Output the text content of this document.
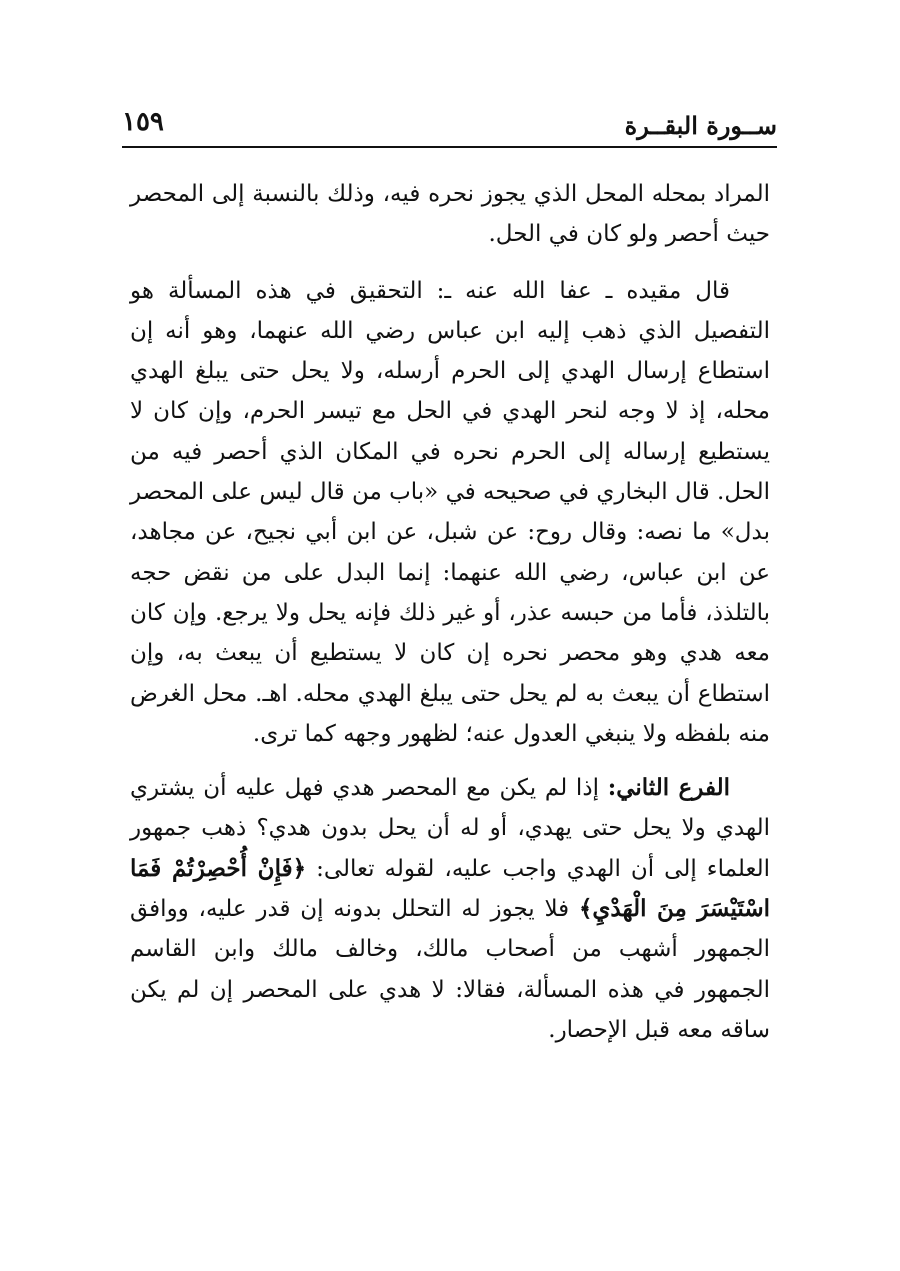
ســورة البقــرة
١٥٩

المراد بمحله المحل الذي يجوز نحره فيه، وذلك بالنسبة إلى المحصر حيث أحصر ولو كان في الحل.

قال مقيده ـ عفا الله عنه ـ: التحقيق في هذه المسألة هو التفصيل الذي ذهب إليه ابن عباس رضي الله عنهما، وهو أنه إن استطاع إرسال الهدي إلى الحرم أرسله، ولا يحل حتى يبلغ الهدي محله، إذ لا وجه لنحر الهدي في الحل مع تيسر الحرم، وإن كان لا يستطيع إرساله إلى الحرم نحره في المكان الذي أحصر فيه من الحل. قال البخاري في صحيحه في «باب من قال ليس على المحصر بدل» ما نصه: وقال روح: عن شبل، عن ابن أبي نجيح، عن مجاهد، عن ابن عباس، رضي الله عنهما: إنما البدل على من نقض حجه بالتلذذ، فأما من حبسه عذر، أو غير ذلك فإنه يحل ولا يرجع. وإن كان معه هدي وهو محصر نحره إن كان لا يستطيع أن يبعث به، وإن استطاع أن يبعث به لم يحل حتى يبلغ الهدي محله. اهـ. محل الغرض منه بلفظه ولا ينبغي العدول عنه؛ لظهور وجهه كما ترى.

الفرع الثاني: إذا لم يكن مع المحصر هدي فهل عليه أن يشتري الهدي ولا يحل حتى يهدي، أو له أن يحل بدون هدي؟ ذهب جمهور العلماء إلى أن الهدي واجب عليه، لقوله تعالى: ﴿فَإِنْ أُحْصِرْتُمْ فَمَا اسْتَيْسَرَ مِنَ الْهَدْيِ﴾ فلا يجوز له التحلل بدونه إن قدر عليه، ووافق الجمهور أشهب من أصحاب مالك، وخالف مالك وابن القاسم الجمهور في هذه المسألة، فقالا: لا هدي على المحصر إن لم يكن ساقه معه قبل الإحصار.
